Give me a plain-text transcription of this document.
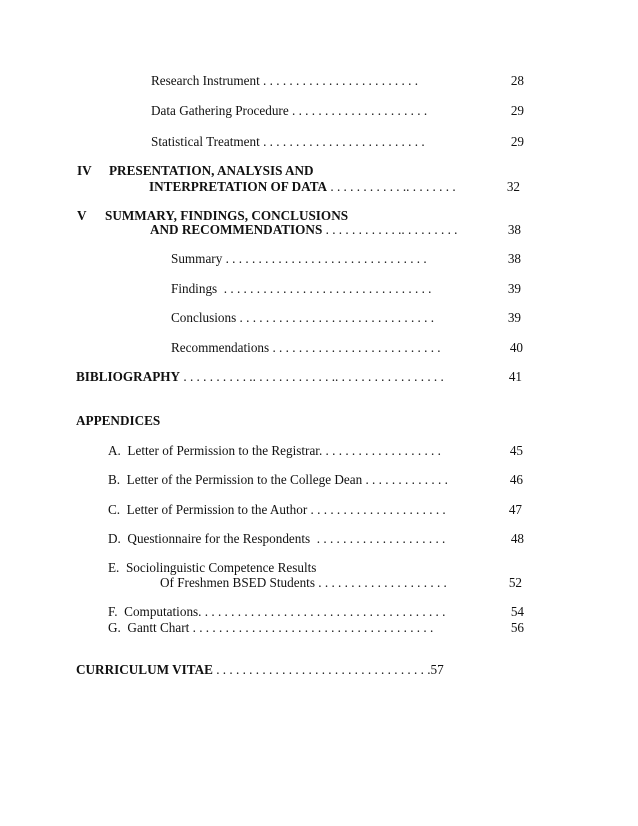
Research Instrument . . . . . . . . . . . . . . . . . . . . . . . .	28
Data Gathering Procedure . . . . . . . . . . . . . . . . . . . . .	29
Statistical Treatment . . . . . . . . . . . . . . . . . . . . . . . . .	29
IV PRESENTATION, ANALYSIS AND
INTERPRETATION OF DATA . . . . . . . . . . . .. . . . . . . .	32
V SUMMARY, FINDINGS, CONCLUSIONS
AND RECOMMENDATIONS . . . . . . . . . . . .. . . . . . . . .	38
Summary . . . . . . . . . . . . . . . . . . . . . . . . . . . . . . .	38
Findings  . . . . . . . . . . . . . . . . . . . . . . . . . . . . . . . .	39
Conclusions . . . . . . . . . . . . . . . . . . . . . . . . . . . . . .	39
Recommendations . . . . . . . . . . . . . . . . . . . . . . . . . .	40
BIBLIOGRAPHY . . . . . . . . . . .. . . . . . . . . . . . .. . . . . . . . . . . . . . . . .	41
APPENDICES
A.  Letter of Permission to the Registrar. . . . . . . . . . . . . . . . . . .	45
B.  Letter of the Permission to the College Dean . . . . . . . . . . . . .	46
C.  Letter of Permission to the Author . . . . . . . . . . . . . . . . . . . . .	47
D.  Questionnaire for the Respondents  . . . . . . . . . . . . . . . . . . . .	48
E.  Sociolinguistic Competence Results
Of Freshmen BSED Students . . . . . . . . . . . . . . . . . . . .	52
F.  Computations. . . . . . . . . . . . . . . . . . . . . . . . . . . . . . . . . . . . . .	54
G.  Gantt Chart . . . . . . . . . . . . . . . . . . . . . . . . . . . . . . . . . . . . .	56
CURRICULUM VITAE . . . . . . . . . . . . . . . . . . . . . . . . . . . . . . . . .57
